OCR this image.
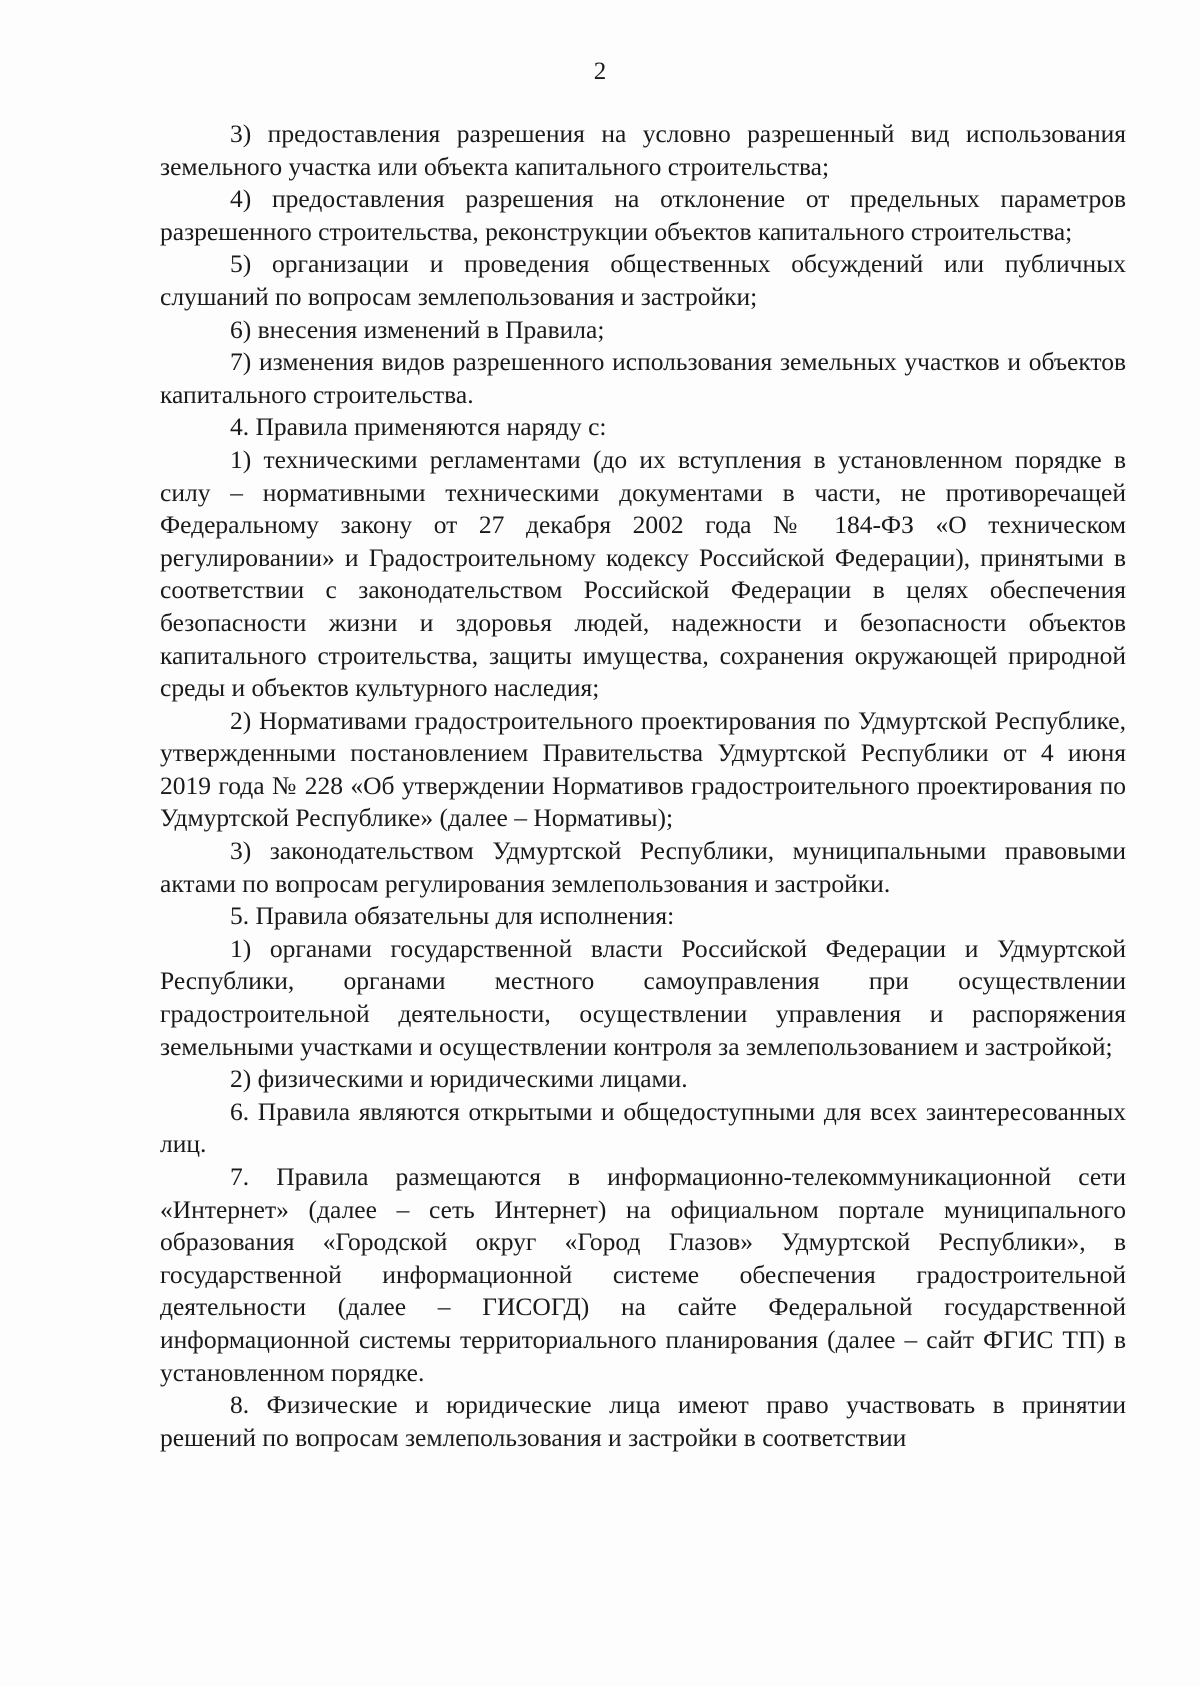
2

3) предоставления разрешения на условно разрешенный вид использования земельного участка или объекта капитального строительства;

4) предоставления разрешения на отклонение от предельных параметров разрешенного строительства, реконструкции объектов капитального строительства;

5) организации и проведения общественных обсуждений или публичных слушаний по вопросам землепользования и застройки;

6) внесения изменений в Правила;

7) изменения видов разрешенного использования земельных участков и объектов капитального строительства.

4. Правила применяются наряду с:

1) техническими регламентами (до их вступления в установленном порядке в силу – нормативными техническими документами в части, не противоречащей Федеральному закону от 27 декабря 2002 года № 184-ФЗ «О техническом регулировании» и Градостроительному кодексу Российской Федерации), принятыми в соответствии с законодательством Российской Федерации в целях обеспечения безопасности жизни и здоровья людей, надежности и безопасности объектов капитального строительства, защиты имущества, сохранения окружающей природной среды и объектов культурного наследия;

2) Нормативами градостроительного проектирования по Удмуртской Республике, утвержденными постановлением Правительства Удмуртской Республики от 4 июня 2019 года № 228 «Об утверждении Нормативов градостроительного проектирования по Удмуртской Республике» (далее – Нормативы);

3) законодательством Удмуртской Республики, муниципальными правовыми актами по вопросам регулирования землепользования и застройки.

5. Правила обязательны для исполнения:

1) органами государственной власти Российской Федерации и Удмуртской Республики, органами местного самоуправления при осуществлении градостроительной деятельности, осуществлении управления и распоряжения земельными участками и осуществлении контроля за землепользованием и застройкой;

2) физическими и юридическими лицами.

6. Правила являются открытыми и общедоступными для всех заинтересованных лиц.

7. Правила размещаются в информационно-телекоммуникационной сети «Интернет» (далее – сеть Интернет) на официальном портале муниципального образования «Городской округ «Город Глазов» Удмуртской Республики», в государственной информационной системе обеспечения градостроительной деятельности (далее – ГИСОГД) на сайте Федеральной государственной информационной системы территориального планирования (далее – сайт ФГИС ТП) в установленном порядке.

8. Физические и юридические лица имеют право участвовать в принятии решений по вопросам землепользования и застройки в соответствии
